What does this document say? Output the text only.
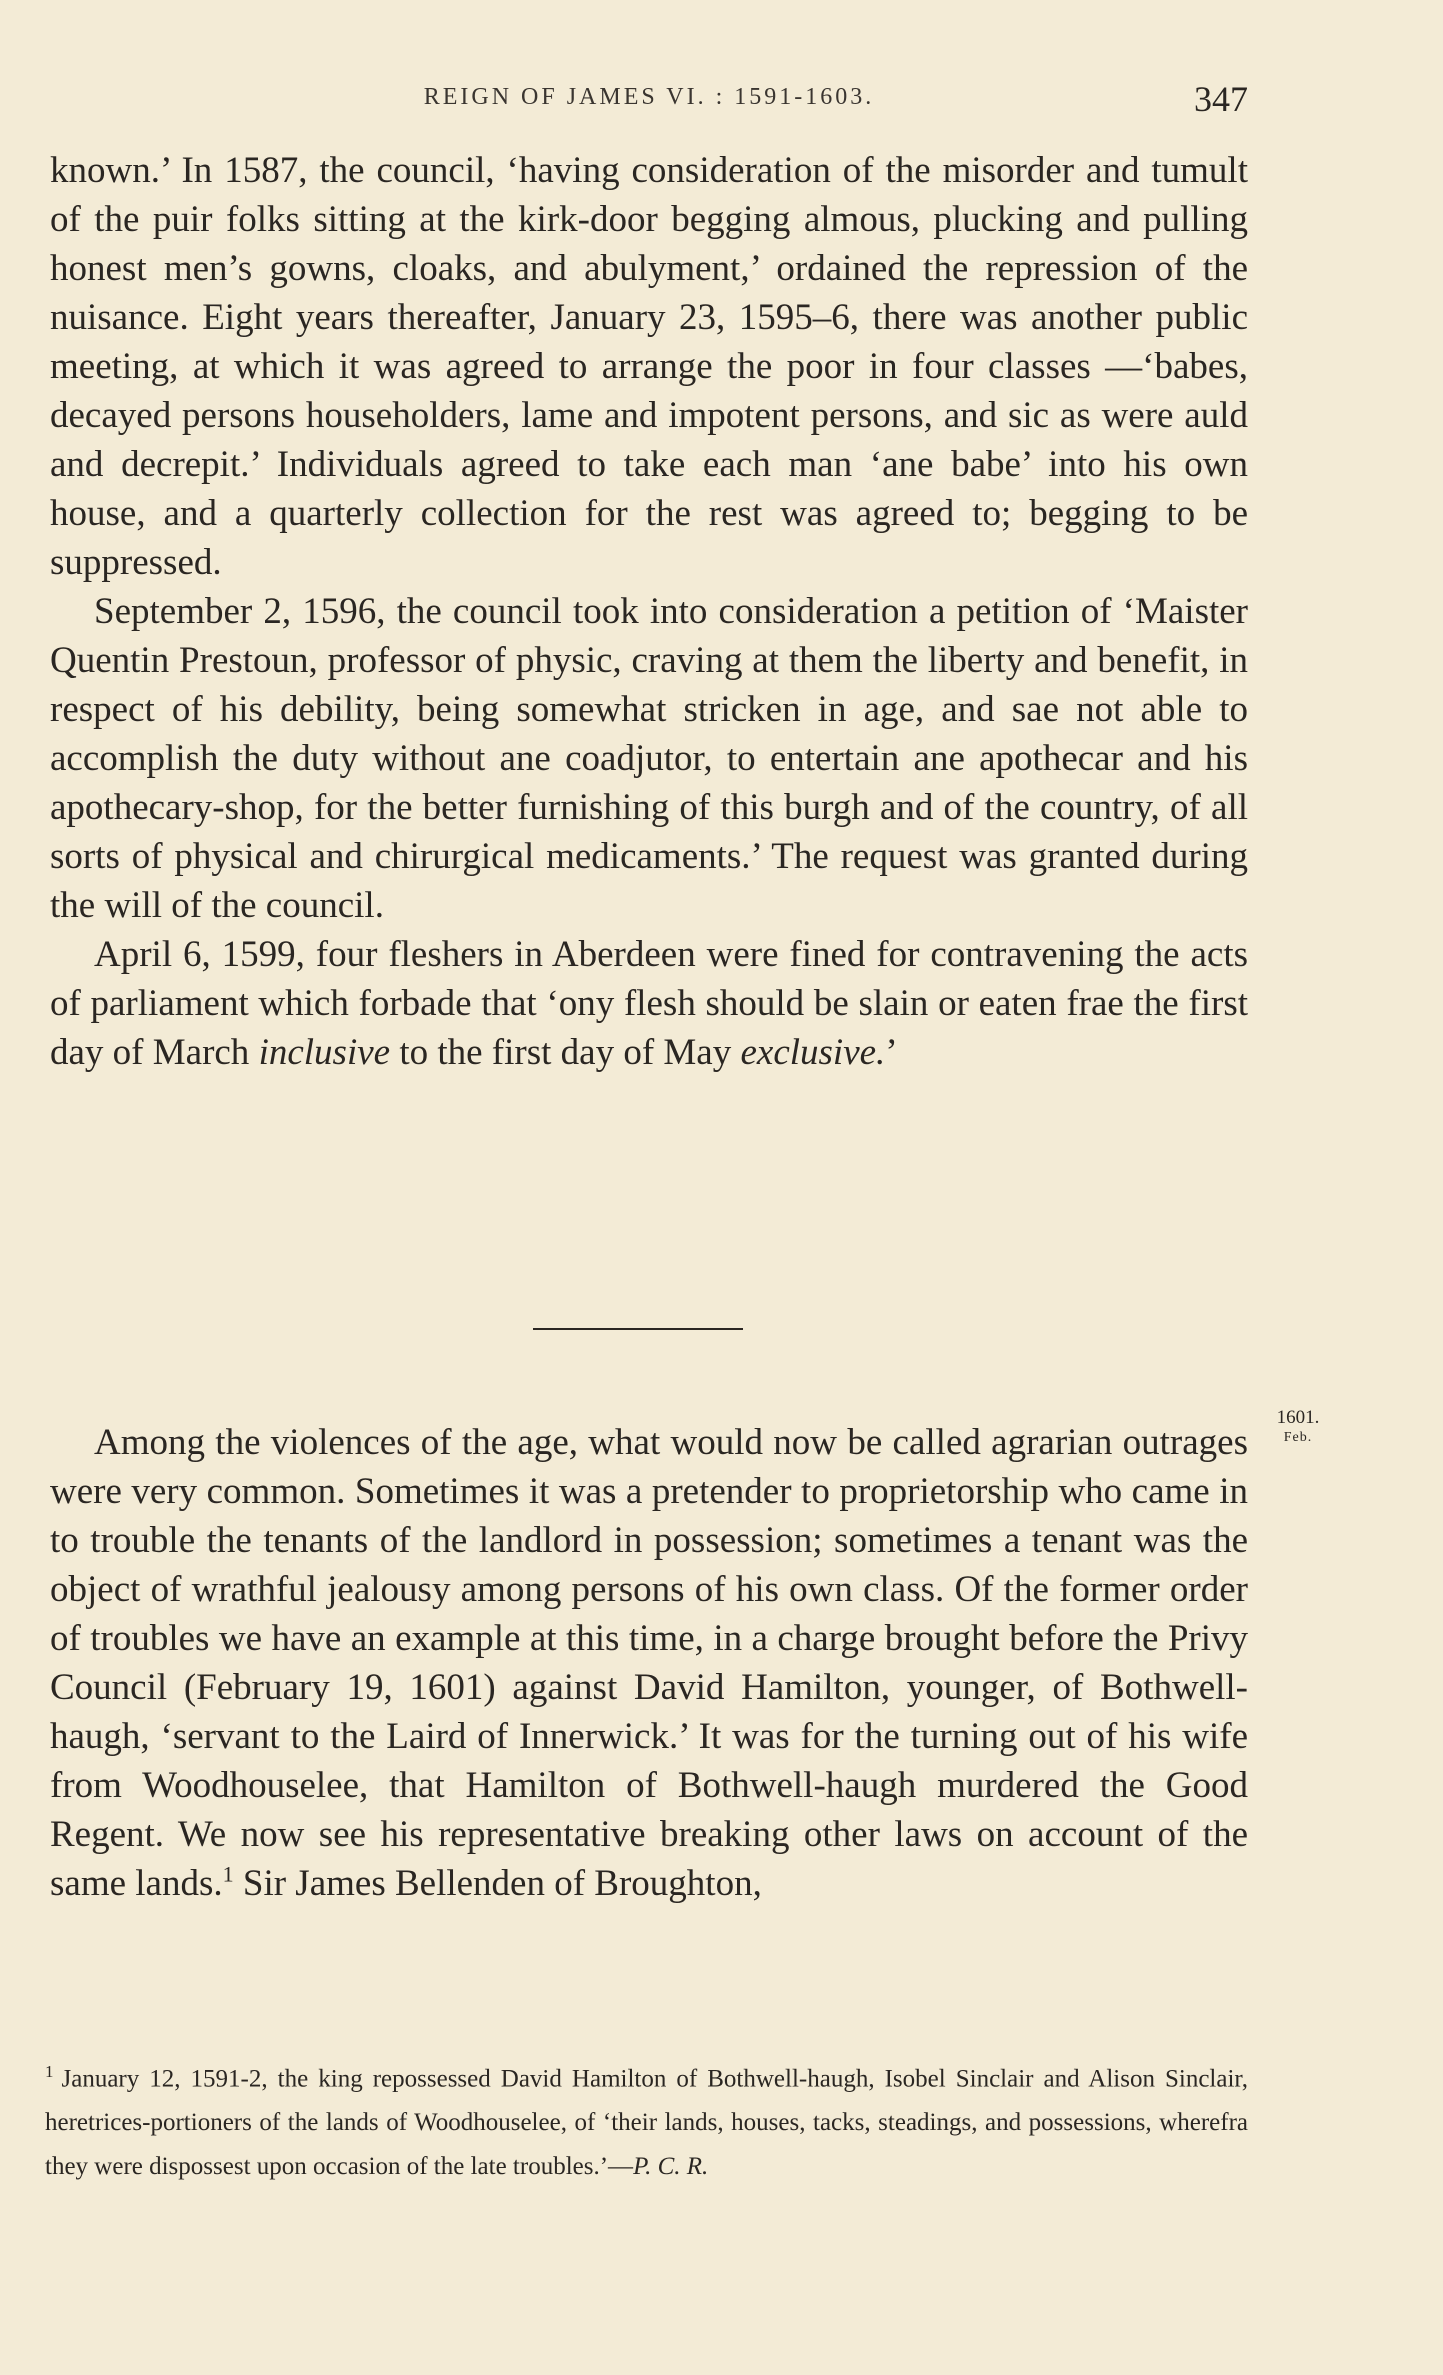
REIGN OF JAMES VI. : 1591-1603.	347

known.’ In 1587, the council, ‘having consideration of the misorder and tumult of the puir folks sitting at the kirk-door begging almous, plucking and pulling honest men’s gowns, cloaks, and abulyment,’ ordained the repression of the nuisance. Eight years thereafter, January 23, 1595–6, there was another public meeting, at which it was agreed to arrange the poor in four classes —‘babes, decayed persons householders, lame and impotent persons, and sic as were auld and decrepit.’ Individuals agreed to take each man ‘ane babe’ into his own house, and a quarterly collection for the rest was agreed to; begging to be suppressed.

September 2, 1596, the council took into consideration a petition of ‘Maister Quentin Prestoun, professor of physic, craving at them the liberty and benefit, in respect of his debility, being somewhat stricken in age, and sae not able to accomplish the duty without ane coadjutor, to entertain ane apothecar and his apothecary-shop, for the better furnishing of this burgh and of the country, of all sorts of physical and chirurgical medicaments.’ The request was granted during the will of the council.

April 6, 1599, four fleshers in Aberdeen were fined for contravening the acts of parliament which forbade that ‘ony flesh should be slain or eaten frae the first day of March inclusive to the first day of May exclusive.’

1601.
Feb.

Among the violences of the age, what would now be called agrarian outrages were very common. Sometimes it was a pretender to proprietorship who came in to trouble the tenants of the landlord in possession; sometimes a tenant was the object of wrathful jealousy among persons of his own class. Of the former order of troubles we have an example at this time, in a charge brought before the Privy Council (February 19, 1601) against David Hamilton, younger, of Bothwell-haugh, ‘servant to the Laird of Innerwick.’ It was for the turning out of his wife from Woodhouselee, that Hamilton of Bothwell-haugh murdered the Good Regent. We now see his representative breaking other laws on account of the same lands.$^1$ Sir James Bellenden of Broughton,

$^1$ January 12, 1591-2, the king repossessed David Hamilton of Bothwell-haugh, Isobel Sinclair and Alison Sinclair, heretrices-portioners of the lands of Woodhouselee, of ‘their lands, houses, tacks, steadings, and possessions, wherefra they were dispossest upon occasion of the late troubles.’—P. C. R.
